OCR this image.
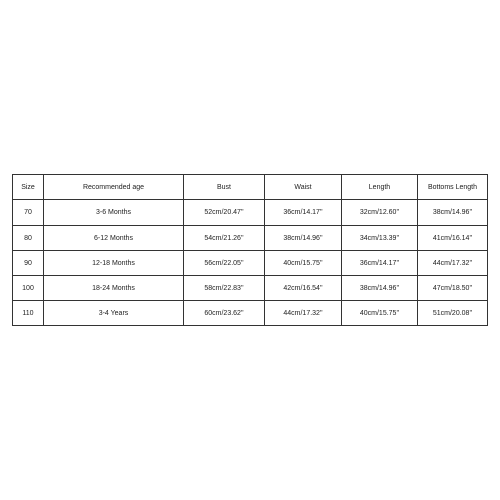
Size	Recommended age	Bust	Waist	Length	Bottoms Length
70	3-6 Months	52cm/20.47''	36cm/14.17''	32cm/12.60''	38cm/14.96''
80	6-12 Months	54cm/21.26''	38cm/14.96''	34cm/13.39''	41cm/16.14''
90	12-18 Months	56cm/22.05''	40cm/15.75''	36cm/14.17''	44cm/17.32''
100	18-24 Months	58cm/22.83''	42cm/16.54''	38cm/14.96''	47cm/18.50''
110	3-4 Years	60cm/23.62''	44cm/17.32''	40cm/15.75''	51cm/20.08''
